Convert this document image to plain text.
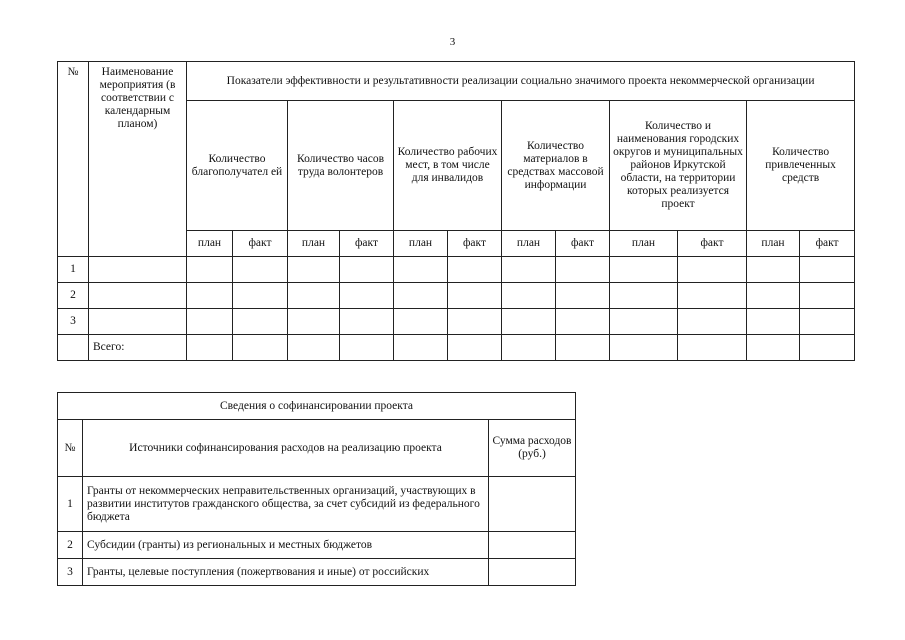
3
№	Наименование мероприятия (в соответствии с календарным планом)	Показатели эффективности и результативности реализации социально значимого проекта некоммерческой организации											
		Количество благополучател ей		Количество часов труда волонтеров		Количество рабочих мест, в том числе для инвалидов		Количество материалов в средствах массовой информации		Количество и наименования городских округов и муниципальных районов Иркутской области, на территории которых реализуется проект		Количество привлеченных средств	
		план	факт	план	факт	план	факт	план	факт	план	факт	план	факт
1													
2													
3													
	Всего:												
Сведения о софинансировании проекта		
№	Источники софинансирования расходов на реализацию проекта	Сумма расходов (руб.)
1	Гранты от некоммерческих неправительственных организаций, участвующих в развитии институтов гражданского общества, за счет субсидий из федерального бюджета	
2	Субсидии (гранты) из региональных и местных бюджетов	
3	Гранты, целевые поступления (пожертвования и иные) от российских	
